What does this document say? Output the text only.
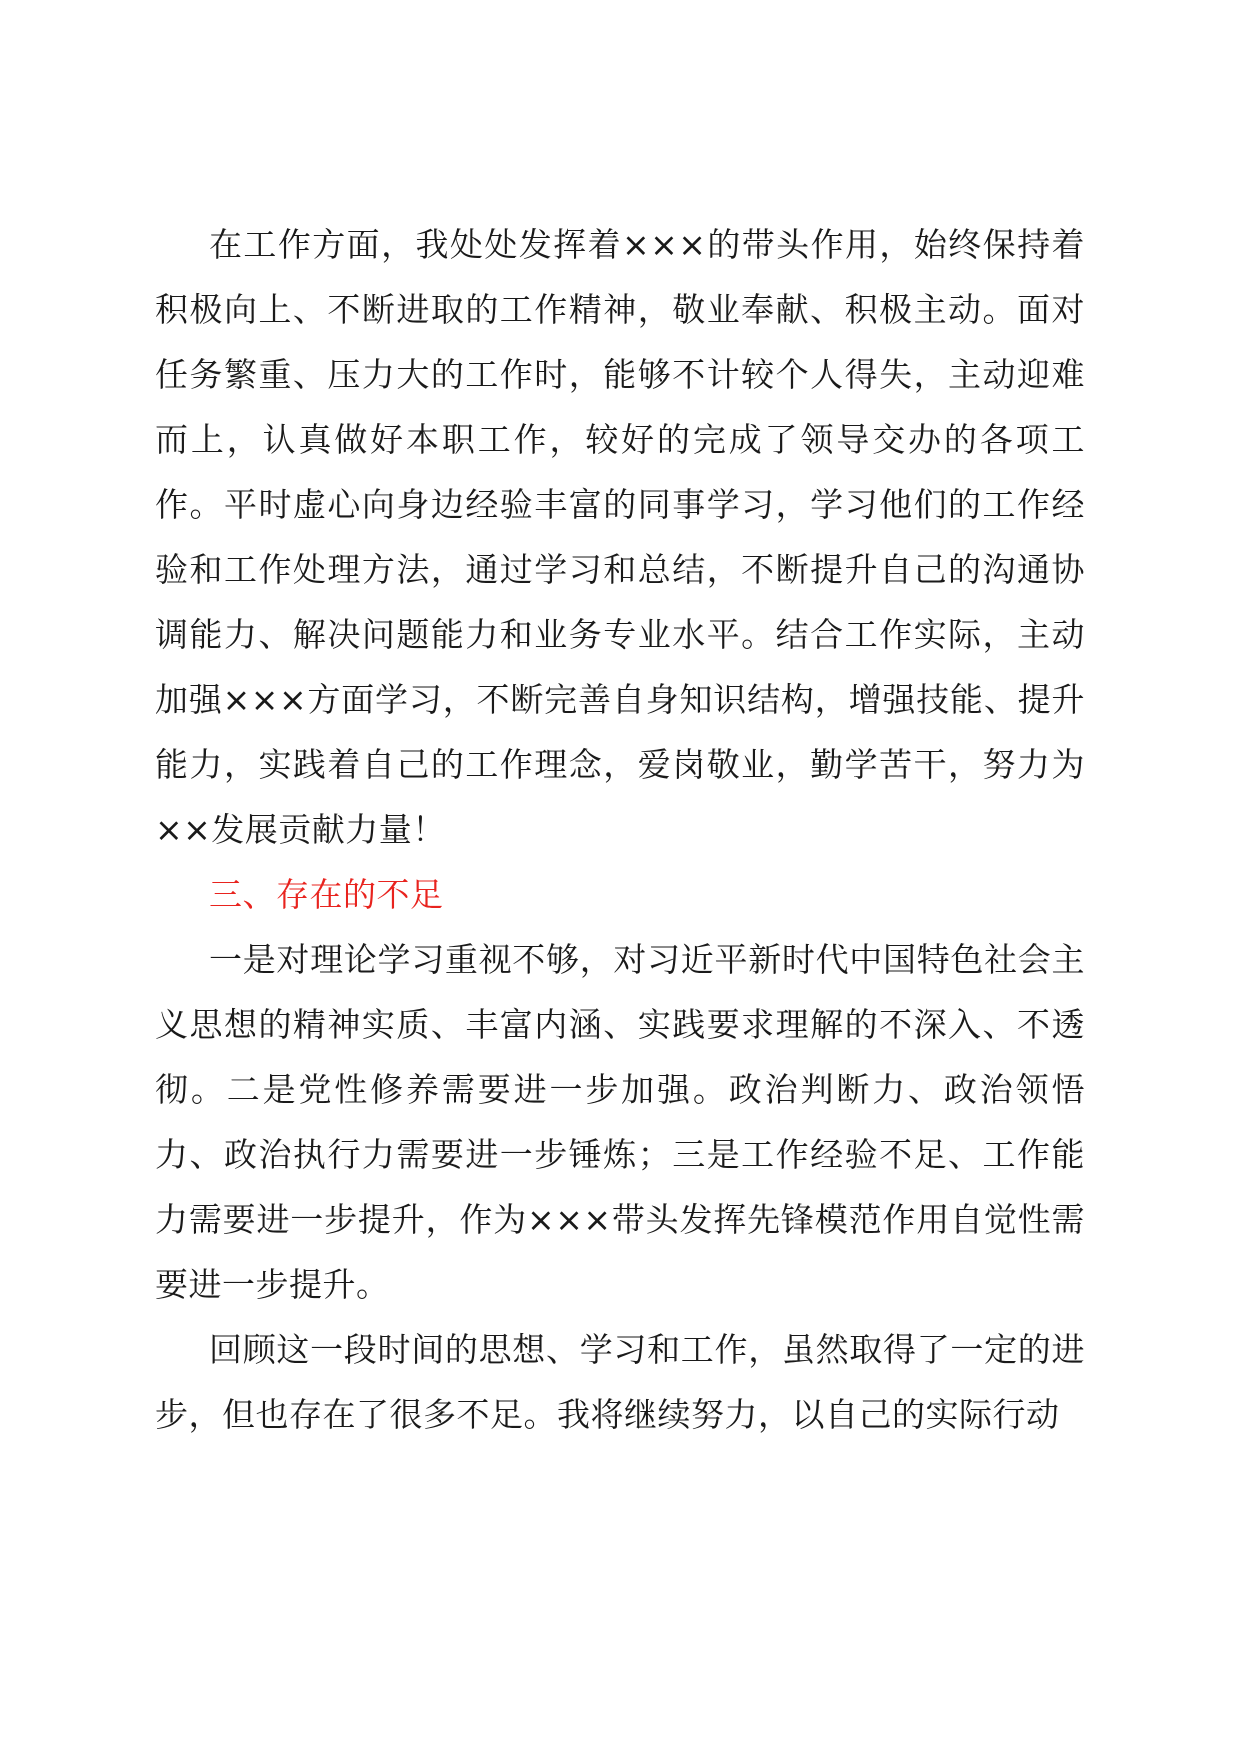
在工作方面，我处处发挥着×××的带头作用，始终保持着积极向上、不断进取的工作精神，敬业奉献、积极主动。面对任务繁重、压力大的工作时，能够不计较个人得失，主动迎难而上，认真做好本职工作，较好的完成了领导交办的各项工作。平时虚心向身边经验丰富的同事学习，学习他们的工作经验和工作处理方法，通过学习和总结，不断提升自己的沟通协调能力、解决问题能力和业务专业水平。结合工作实际，主动加强×××方面学习，不断完善自身知识结构，增强技能、提升能力，实践着自己的工作理念，爱岗敬业，勤学苦干，努力为××发展贡献力量！

三、存在的不足

一是对理论学习重视不够，对习近平新时代中国特色社会主义思想的精神实质、丰富内涵、实践要求理解的不深入、不透彻。二是党性修养需要进一步加强。政治判断力、政治领悟力、政治执行力需要进一步锤炼；三是工作经验不足、工作能力需要进一步提升，作为×××带头发挥先锋模范作用自觉性需要进一步提升。

回顾这一段时间的思想、学习和工作，虽然取得了一定的进步，但也存在了很多不足。我将继续努力，以自己的实际行动
